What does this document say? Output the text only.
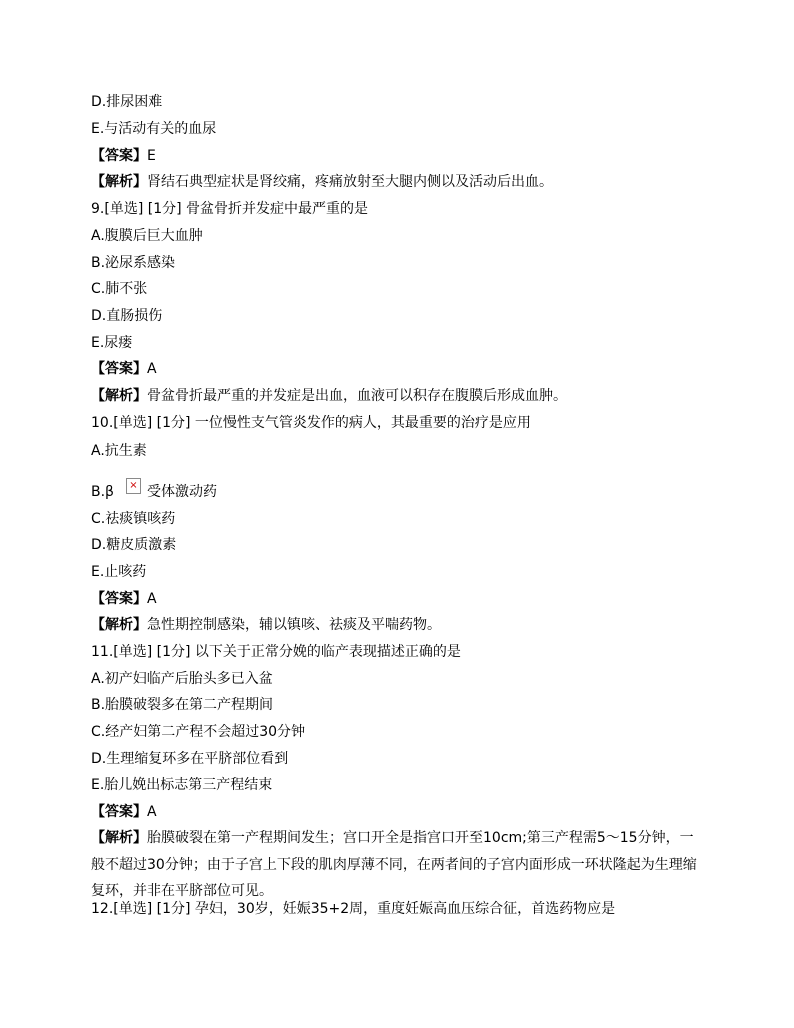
D.排尿困难
E.与活动有关的血尿
【答案】E
【解析】肾结石典型症状是肾绞痛，疼痛放射至大腿内侧以及活动后出血。
9.[单选] [1分] 骨盆骨折并发症中最严重的是
A.腹膜后巨大血肿
B.泌尿系感染
C.肺不张
D.直肠损伤
E.尿瘘
【答案】A
【解析】骨盆骨折最严重的并发症是出血，血液可以积存在腹膜后形成血肿。
10.[单选] [1分] 一位慢性支气管炎发作的病人，其最重要的治疗是应用
A.抗生素
B.β × 受体激动药
C.祛痰镇咳药
D.糖皮质激素
E.止咳药
【答案】A
【解析】急性期控制感染，辅以镇咳、祛痰及平喘药物。
11.[单选] [1分] 以下关于正常分娩的临产表现描述正确的是
A.初产妇临产后胎头多已入盆
B.胎膜破裂多在第二产程期间
C.经产妇第二产程不会超过30分钟
D.生理缩复环多在平脐部位看到
E.胎儿娩出标志第三产程结束
【答案】A
【解析】胎膜破裂在第一产程期间发生；宫口开全是指宫口开至10cm;第三产程需5～15分钟，一般不超过30分钟；由于子宫上下段的肌肉厚薄不同，在两者间的子宫内面形成一环状隆起为生理缩复环，并非在平脐部位可见。
12.[单选] [1分] 孕妇，30岁，妊娠35+2周，重度妊娠高血压综合征，首选药物应是
